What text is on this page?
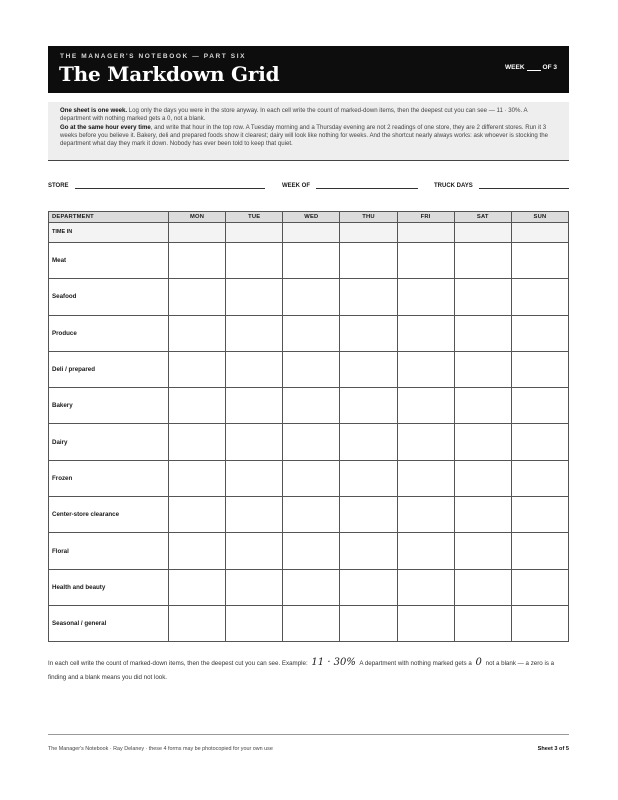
THE MANAGER'S NOTEBOOK — PART SIX
The Markdown Grid	WEEK	OF 3

One sheet is one week. Log only the days you were in the store anyway. In each cell write the count of marked-down items, then the deepest cut you can see — 11 · 30%. A department with nothing marked gets a 0, not a blank.

Go at the same hour every time, and write that hour in the top row. A Tuesday morning and a Thursday evening are not 2 readings of one store, they are 2 different stores. Run it 3 weeks before you believe it. Bakery, deli and prepared foods show it clearest; dairy will look like nothing for weeks. And the shortcut nearly always works: ask whoever is stocking the department what day they mark it down. Nobody has ever been told to keep that quiet.

STORE	WEEK OF	TRUCK DAYS
DEPARTMENT	MON	TUE	WED	THU	FRI	SAT	SUN
TIME IN							
Meat							
Seafood							
Produce							
Deli / prepared							
Bakery							
Dairy							
Frozen							
Center-store clearance							
Floral							
Health and beauty							
Seasonal / general							
In each cell write the count of marked-down items, then the deepest cut you can see. Example: 11 · 30% A department with nothing marked gets a 0 not a blank — a zero is a finding and a blank means you did not look.
The Manager's Notebook · Ray Delaney · these 4 forms may be photocopied for your own use	Sheet 3 of 5
